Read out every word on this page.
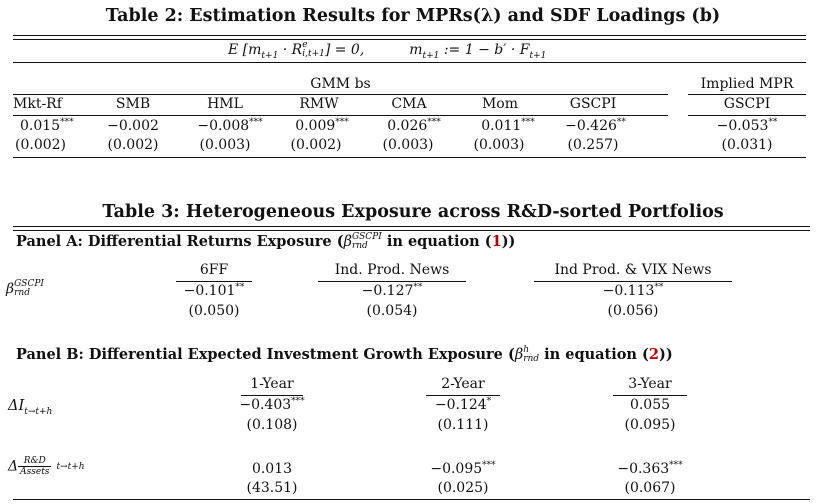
Table 2: Estimation Results for MPRs(λ) and SDF Loadings (b)
E [$m_{t+1} \cdot R$ e
i,t+1 ] = 0,	$m_{t+1}$ := $1 - b' \cdot F_{t+1}$
GMM bs	Implied MPR
Mkt-Rf	SMB	HML	RMW	CMA	Mom	GSCPI	GSCPI
0.015***	−0.002	−0.008***	0.009***	0.026***	0.011***	−0.426**	−0.053**
(0.002)	(0.002)	(0.003)	(0.002)	(0.003)	(0.003)	(0.257)	(0.031)
Table 3: Heterogeneous Exposure across R&D-sorted Portfolios
Panel A: Differential Returns Exposure (β GSCPI
rnd in equation (1))
β GSCPI
rnd
6FF	Ind. Prod. News	Ind Prod. & VIX News
−0.101**	−0.127**	−0.113**
(0.050)	(0.054)	(0.056)
Panel B: Differential Expected Investment Growth Exposure (β h
rnd in equation (2))
1-Year	2-Year	3-Year
$\Delta I_{t\to t+h}$	−0.403***	−0.124*	0.055
(0.108)	(0.111)	(0.095)
Δ R&D
Assets
t→t+h	0.013	−0.095***	−0.363***
(43.51)	(0.025)	(0.067)
